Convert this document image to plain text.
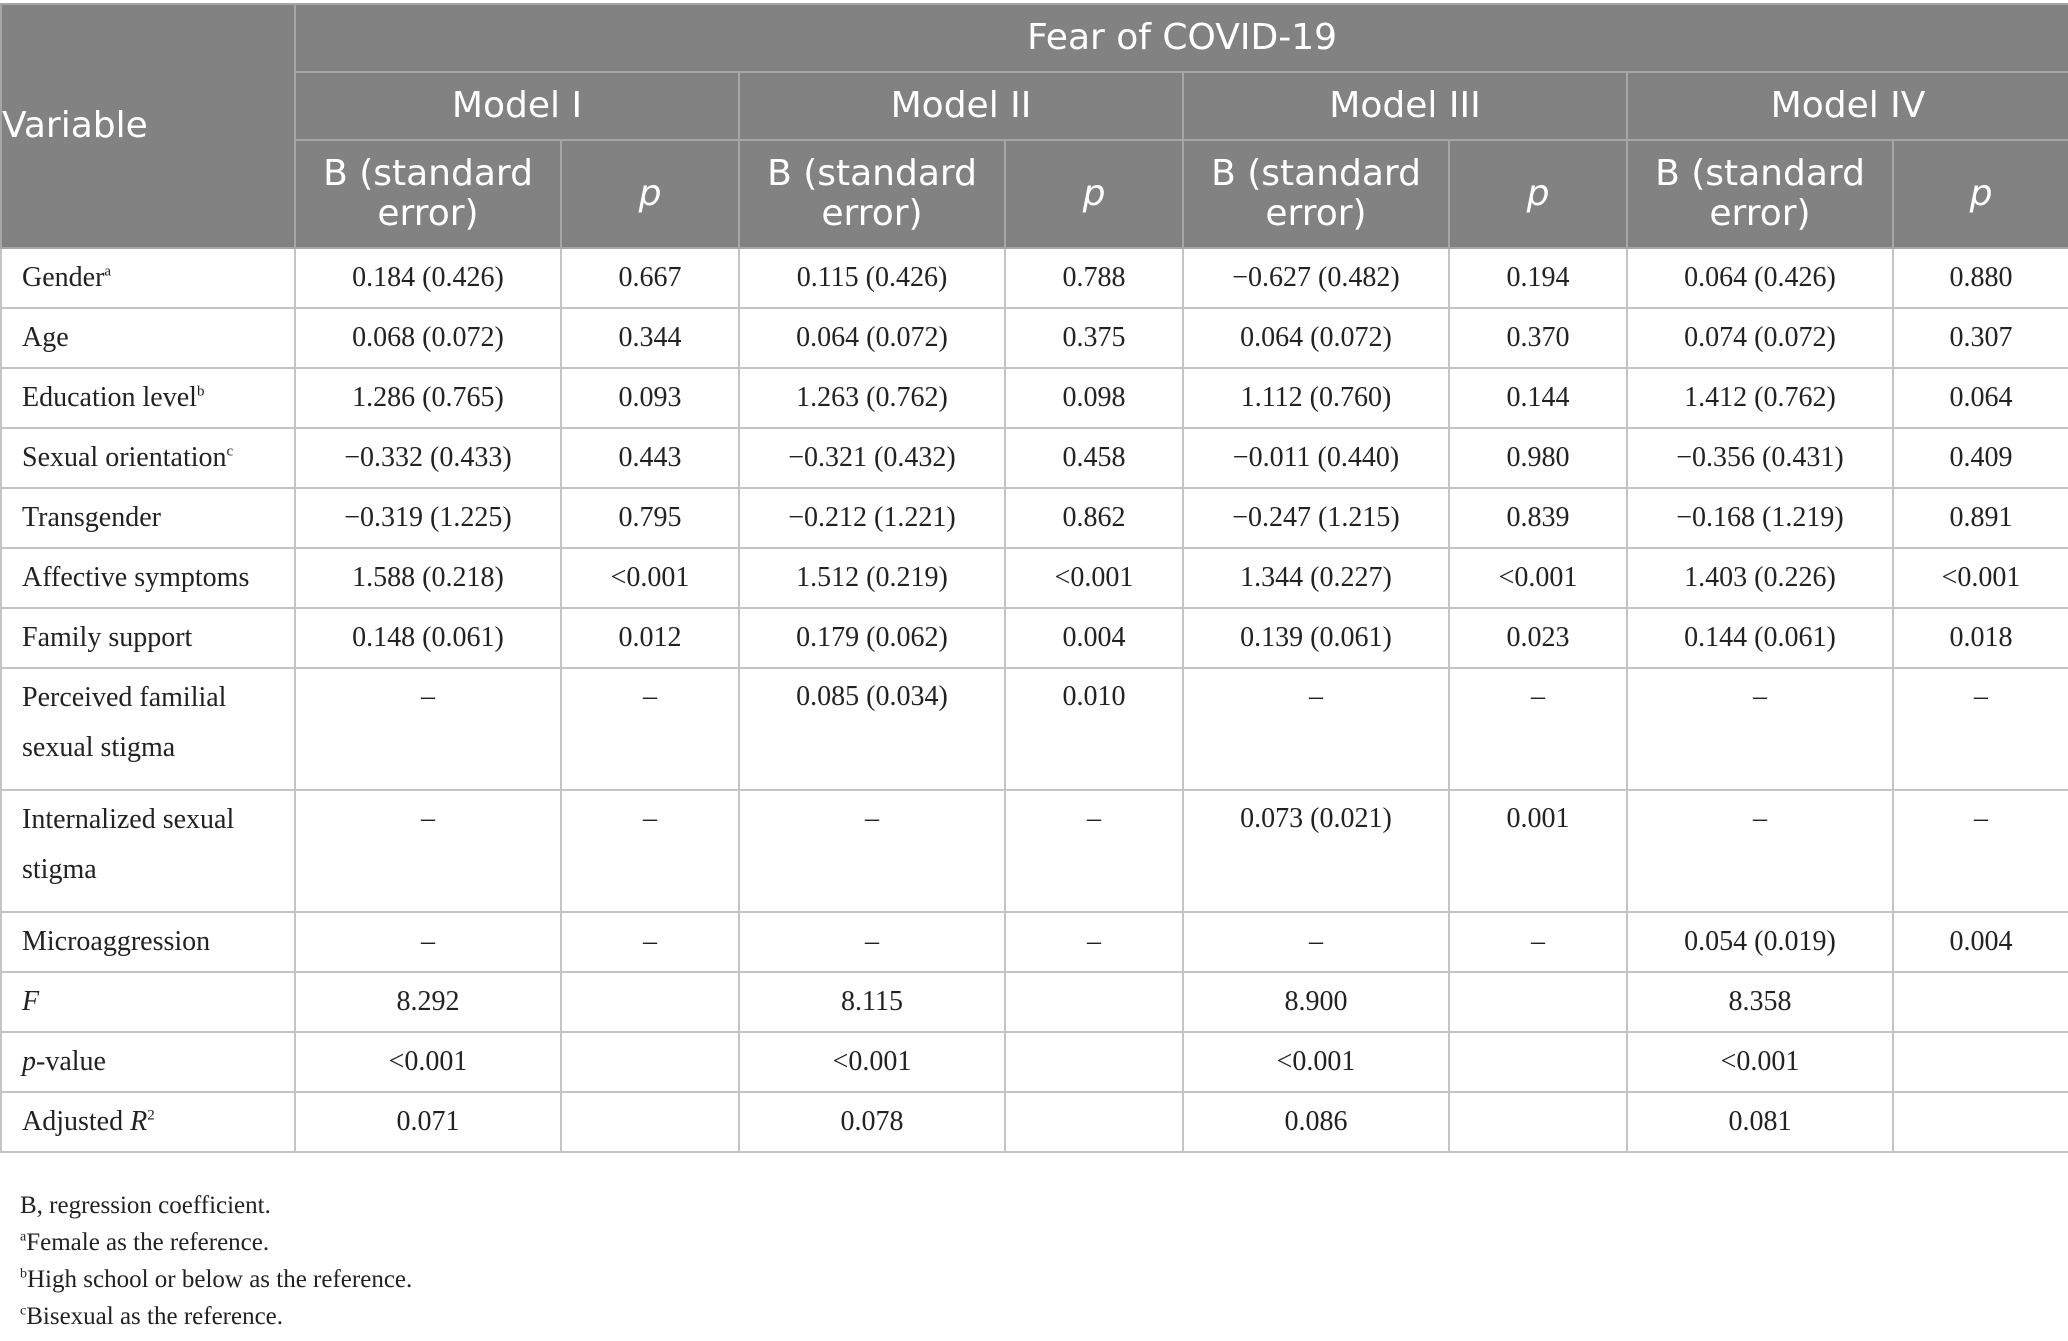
Variable	Fear of COVID-19							
	Model I		Model II		Model III		Model IV	
	B (standard error)	p	B (standard error)	p	B (standard error)	p	B (standard error)	p
Gender$^a$	0.184 (0.426)	0.667	0.115 (0.426)	0.788	−0.627 (0.482)	0.194	0.064 (0.426)	0.880
Age	0.068 (0.072)	0.344	0.064 (0.072)	0.375	0.064 (0.072)	0.370	0.074 (0.072)	0.307
Education level$^b$	1.286 (0.765)	0.093	1.263 (0.762)	0.098	1.112 (0.760)	0.144	1.412 (0.762)	0.064
Sexual orientation$^c$	−0.332 (0.433)	0.443	−0.321 (0.432)	0.458	−0.011 (0.440)	0.980	−0.356 (0.431)	0.409
Transgender	−0.319 (1.225)	0.795	−0.212 (1.221)	0.862	−0.247 (1.215)	0.839	−0.168 (1.219)	0.891
Affective symptoms	1.588 (0.218)	<0.001	1.512 (0.219)	<0.001	1.344 (0.227)	<0.001	1.403 (0.226)	<0.001
Family support	0.148 (0.061)	0.012	0.179 (0.062)	0.004	0.139 (0.061)	0.023	0.144 (0.061)	0.018
Perceived familial sexual stigma	–	–	0.085 (0.034)	0.010	–	–	–	–
Internalized sexual stigma	–	–	–	–	0.073 (0.021)	0.001	–	–
Microaggression	–	–	–	–	–	–	0.054 (0.019)	0.004
F	8.292		8.115		8.900		8.358	
p-value	<0.001		<0.001		<0.001		<0.001	
Adjusted $R^2$	0.071		0.078		0.086		0.081	
B, regression coefficient.
$^a$Female as the reference.
$^b$High school or below as the reference.
$^c$Bisexual as the reference.
